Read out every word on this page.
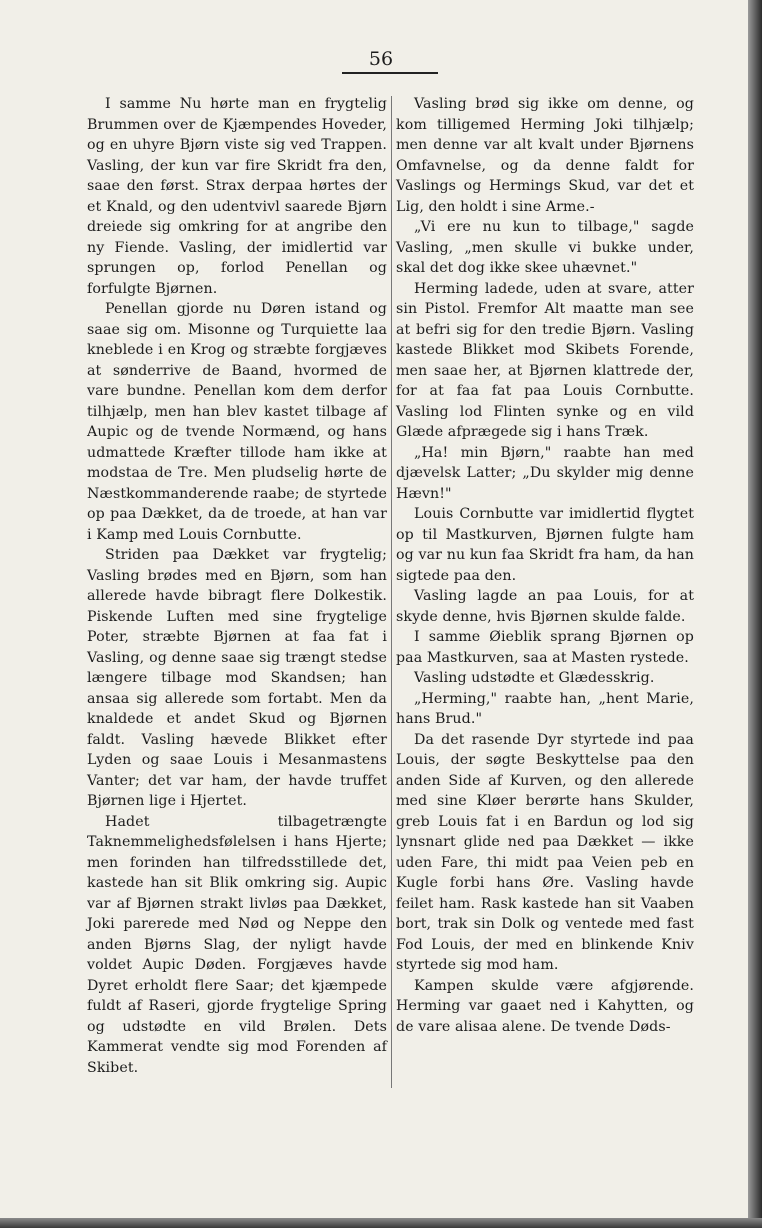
56

I samme Nu hørte man en frygtelig Brummen over de Kjæmpendes Hoveder, og en uhyre Bjørn viste sig ved Trappen. Vasling, der kun var fire Skridt fra den, saae den først. Strax derpaa hørtes der et Knald, og den udentvivl saarede Bjørn dreiede sig omkring for at angribe den ny Fiende. Vasling, der imidlertid var sprungen op, forlod Penellan og forfulgte Bjørnen.

Penellan gjorde nu Døren istand og saae sig om. Misonne og Turquiette laa kneblede i en Krog og stræbte forgjæves at sønderrive de Baand, hvormed de vare bundne. Penellan kom dem derfor tilhjælp, men han blev kastet tilbage af Aupic og de tvende Normænd, og hans udmattede Kræfter tillode ham ikke at modstaa de Tre. Men pludselig hørte de Næstkommanderende raabe; de styrtede op paa Dækket, da de troede, at han var i Kamp med Louis Cornbutte.

Striden paa Dækket var frygtelig; Vasling brødes med en Bjørn, som han allerede havde bibragt flere Dolkestik. Piskende Luften med sine frygtelige Poter, stræbte Bjørnen at faa fat i Vasling, og denne saae sig trængt stedse længere tilbage mod Skandsen; han ansaa sig allerede som fortabt. Men da knaldede et andet Skud og Bjørnen faldt. Vasling hævede Blikket efter Lyden og saae Louis i Mesanmastens Vanter; det var ham, der havde truffet Bjørnen lige i Hjertet.

Hadet tilbagetrængte Taknemmelighedsfølelsen i hans Hjerte; men forinden han tilfredsstillede det, kastede han sit Blik omkring sig. Aupic var af Bjørnen strakt livløs paa Dækket, Joki parerede med Nød og Neppe den anden Bjørns Slag, der nyligt havde voldet Aupic Døden. Forgjæves havde Dyret erholdt flere Saar; det kjæmpede fuldt af Raseri, gjorde frygtelige Spring og udstødte en vild Brølen. Dets Kammerat vendte sig mod Forenden af Skibet.

Vasling brød sig ikke om denne, og kom tilligemed Herming Joki tilhjælp; men denne var alt kvalt under Bjørnens Omfavnelse, og da denne faldt for Vaslings og Hermings Skud, var det et Lig, den holdt i sine Arme.-

„Vi ere nu kun to tilbage," sagde Vasling, „men skulle vi bukke under, skal det dog ikke skee uhævnet."

Herming ladede, uden at svare, atter sin Pistol. Fremfor Alt maatte man see at befri sig for den tredie Bjørn. Vasling kastede Blikket mod Skibets Forende, men saae her, at Bjørnen klattrede der, for at faa fat paa Louis Cornbutte. Vasling lod Flinten synke og en vild Glæde afprægede sig i hans Træk.

„Ha! min Bjørn," raabte han med djævelsk Latter; „Du skylder mig denne Hævn!"

Louis Cornbutte var imidlertid flygtet op til Mastkurven, Bjørnen fulgte ham og var nu kun faa Skridt fra ham, da han sigtede paa den.

Vasling lagde an paa Louis, for at skyde denne, hvis Bjørnen skulde falde.

I samme Øieblik sprang Bjørnen op paa Mastkurven, saa at Masten rystede.

Vasling udstødte et Glædesskrig.

„Herming," raabte han, „hent Marie, hans Brud."

Da det rasende Dyr styrtede ind paa Louis, der søgte Beskyttelse paa den anden Side af Kurven, og den allerede med sine Kløer berørte hans Skulder, greb Louis fat i en Bardun og lod sig lynsnart glide ned paa Dækket — ikke uden Fare, thi midt paa Veien peb en Kugle forbi hans Øre. Vasling havde feilet ham. Rask kastede han sit Vaaben bort, trak sin Dolk og ventede med fast Fod Louis, der med en blinkende Kniv styrtede sig mod ham.

Kampen skulde være afgjørende. Herming var gaaet ned i Kahytten, og de vare alisaa alene. De tvende Døds-
